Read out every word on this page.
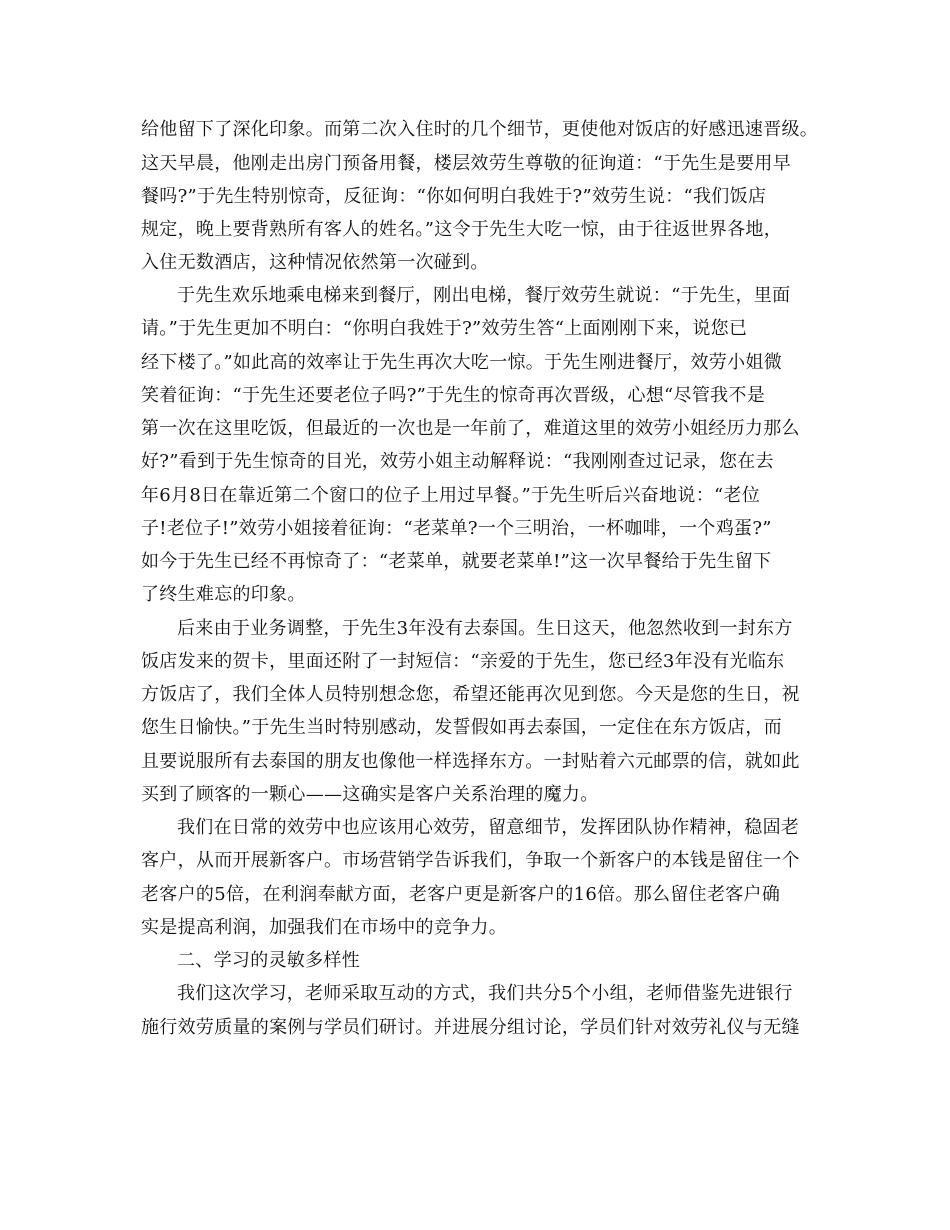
给他留下了深化印象。而第二次入住时的几个细节，更使他对饭店的好感迅速晋级。
这天早晨，他刚走出房门预备用餐，楼层效劳生尊敬的征询道：“于先生是要用早
餐吗?”于先生特别惊奇，反征询：“你如何明白我姓于?”效劳生说：“我们饭店
规定，晚上要背熟所有客人的姓名。”这令于先生大吃一惊，由于往返世界各地，
入住无数酒店，这种情况依然第一次碰到。
于先生欢乐地乘电梯来到餐厅，刚出电梯，餐厅效劳生就说：“于先生，里面
请。”于先生更加不明白：“你明白我姓于?”效劳生答“上面刚刚下来，说您已
经下楼了。”如此高的效率让于先生再次大吃一惊。于先生刚进餐厅，效劳小姐微
笑着征询：“于先生还要老位子吗?”于先生的惊奇再次晋级，心想“尽管我不是
第一次在这里吃饭，但最近的一次也是一年前了，难道这里的效劳小姐经历力那么
好?”看到于先生惊奇的目光，效劳小姐主动解释说：“我刚刚查过记录，您在去
年6月8日在靠近第二个窗口的位子上用过早餐。”于先生听后兴奋地说：“老位
子!老位子!”效劳小姐接着征询：“老菜单?一个三明治，一杯咖啡，一个鸡蛋?”
如今于先生已经不再惊奇了：“老菜单，就要老菜单!”这一次早餐给于先生留下
了终生难忘的印象。
后来由于业务调整，于先生3年没有去泰国。生日这天，他忽然收到一封东方
饭店发来的贺卡，里面还附了一封短信：“亲爱的于先生，您已经3年没有光临东
方饭店了，我们全体人员特别想念您，希望还能再次见到您。今天是您的生日，祝
您生日愉快。”于先生当时特别感动，发誓假如再去泰国，一定住在东方饭店，而
且要说服所有去泰国的朋友也像他一样选择东方。一封贴着六元邮票的信，就如此
买到了顾客的一颗心——这确实是客户关系治理的魔力。
我们在日常的效劳中也应该用心效劳，留意细节，发挥团队协作精神，稳固老
客户，从而开展新客户。市场营销学告诉我们，争取一个新客户的本钱是留住一个
老客户的5倍，在利润奉献方面，老客户更是新客户的16倍。那么留住老客户确
实是提高利润，加强我们在市场中的竞争力。
二、学习的灵敏多样性
我们这次学习，老师采取互动的方式，我们共分5个小组，老师借鉴先进银行
施行效劳质量的案例与学员们研讨。并进展分组讨论，学员们针对效劳礼仪与无缝
